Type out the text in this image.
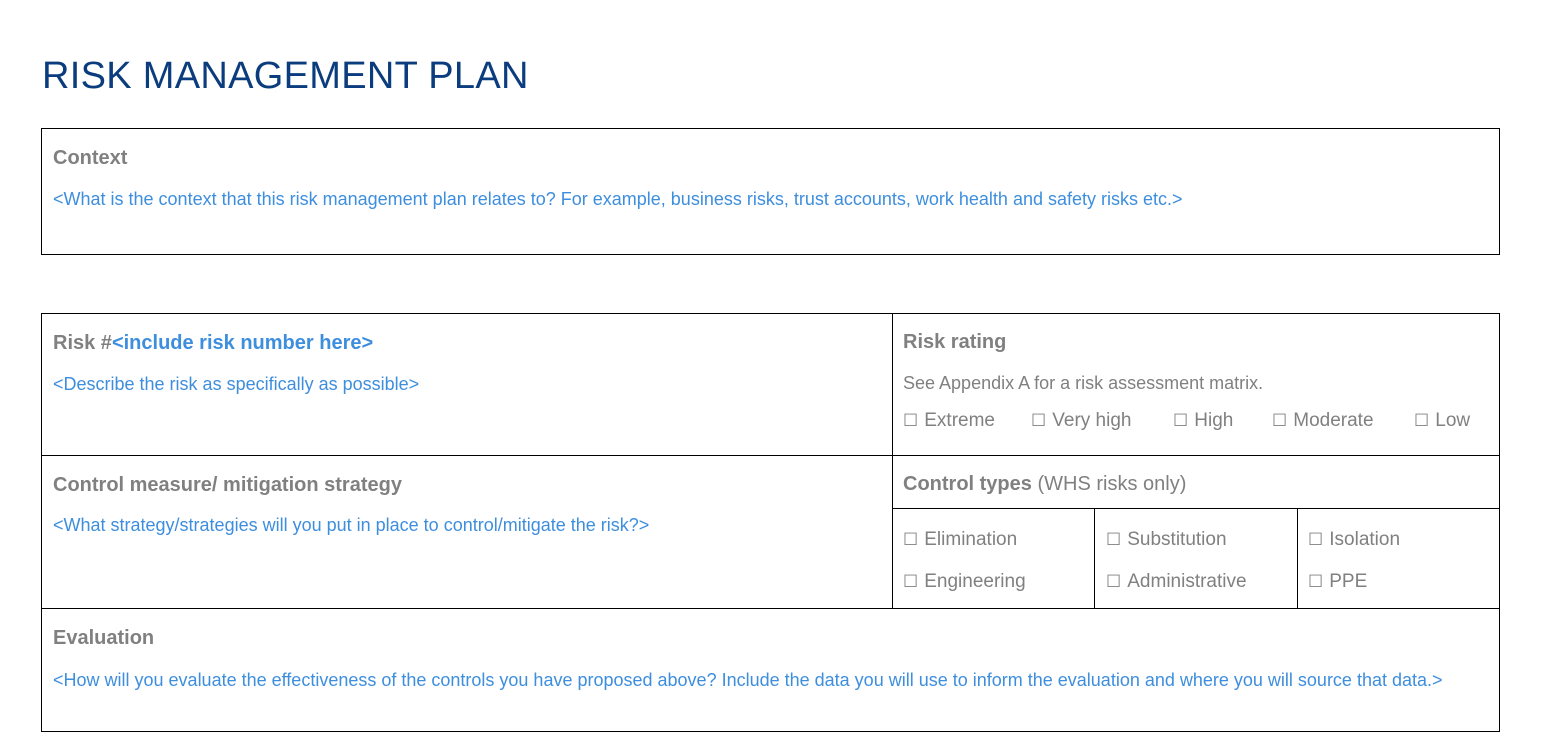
RISK MANAGEMENT PLAN
Context
<What is the context that this risk management plan relates to? For example, business risks, trust accounts, work health and safety risks etc.>
Risk #<include risk number here>
<Describe the risk as specifically as possible>
Risk rating
See Appendix A for a risk assessment matrix.
☐ Extreme ☐ Very high ☐ High ☐ Moderate ☐ Low
Control measure/ mitigation strategy
<What strategy/strategies will you put in place to control/mitigate the risk?>
Control types (WHS risks only)
☐ Elimination	☐ Substitution	☐ Isolation
☐ Engineering	☐ Administrative	☐ PPE
Evaluation
<How will you evaluate the effectiveness of the controls you have proposed above? Include the data you will use to inform the evaluation and where you will source that data.>
